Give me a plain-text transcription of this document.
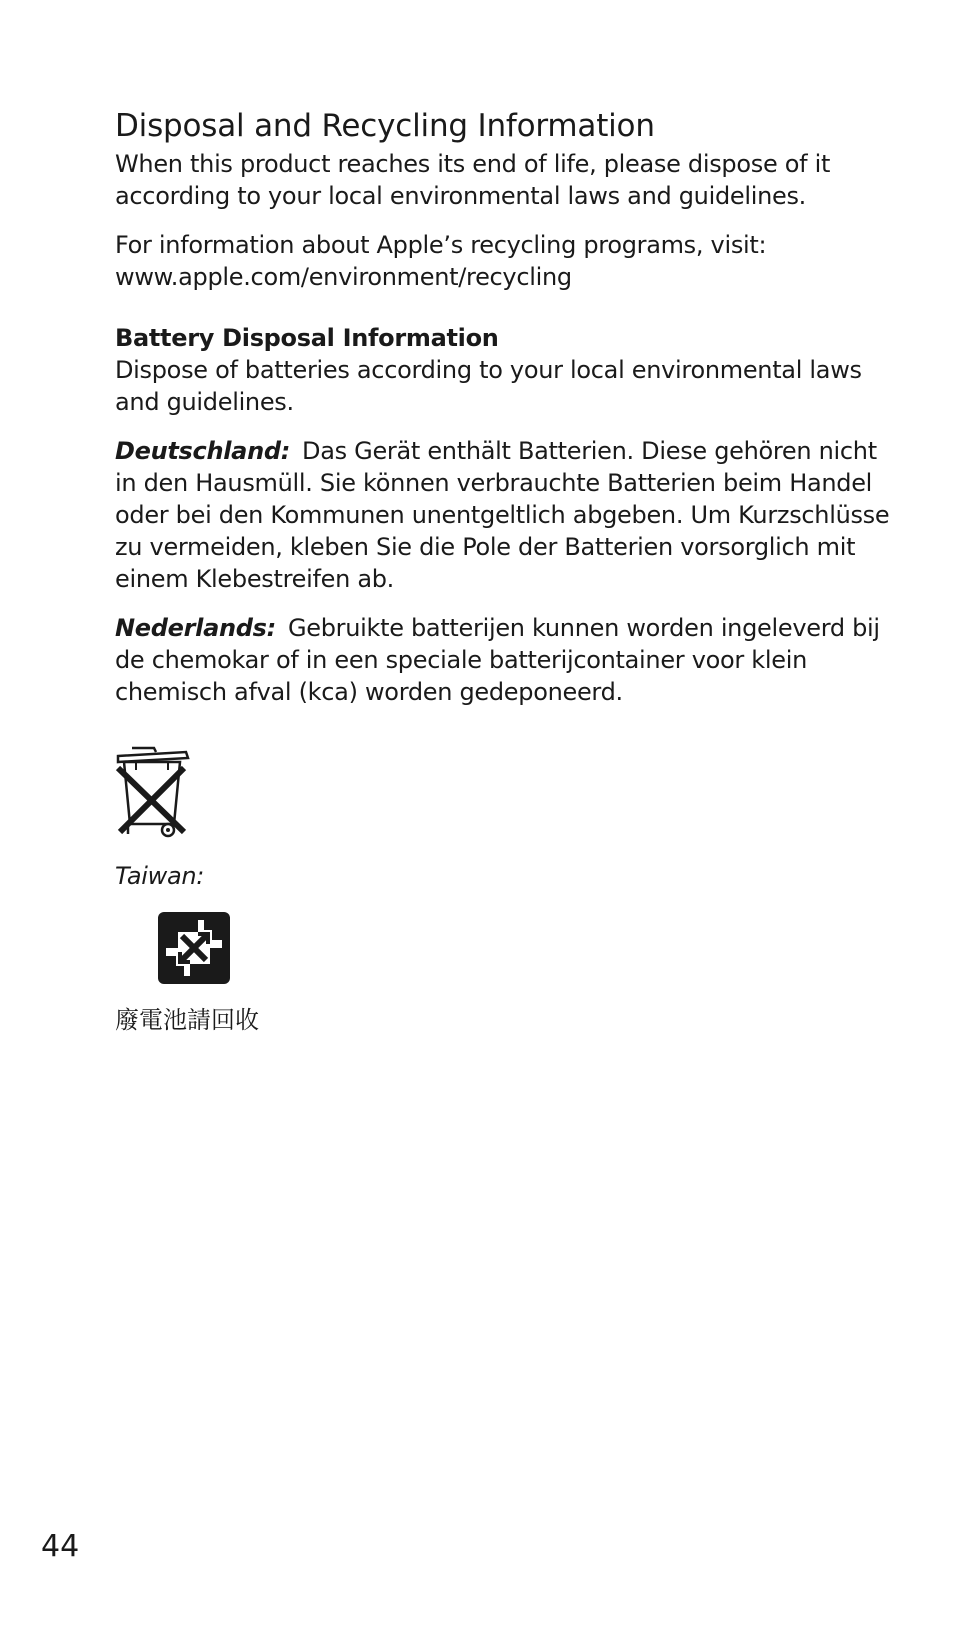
Disposal and Recycling Information

When this product reaches its end of life, please dispose of it according to your local environmental laws and guidelines.

For information about Apple’s recycling programs, visit: www.apple.com/environment/recycling

Battery Disposal Information

Dispose of batteries according to your local environmental laws and guidelines.

Deutschland: Das Gerät enthält Batterien. Diese gehören nicht in den Hausmüll. Sie können verbrauchte Batterien beim Handel oder bei den Kommunen unentgeltlich abgeben. Um Kurzschlüsse zu vermeiden, kleben Sie die Pole der Batterien vorsorglich mit einem Klebestreifen ab.

Nederlands: Gebruikte batterijen kunnen worden ingeleverd bij de chemokar of in een speciale batterijcontainer voor klein chemisch afval (kca) worden gedeponeerd.

Taiwan:
廢電池請回收
44
